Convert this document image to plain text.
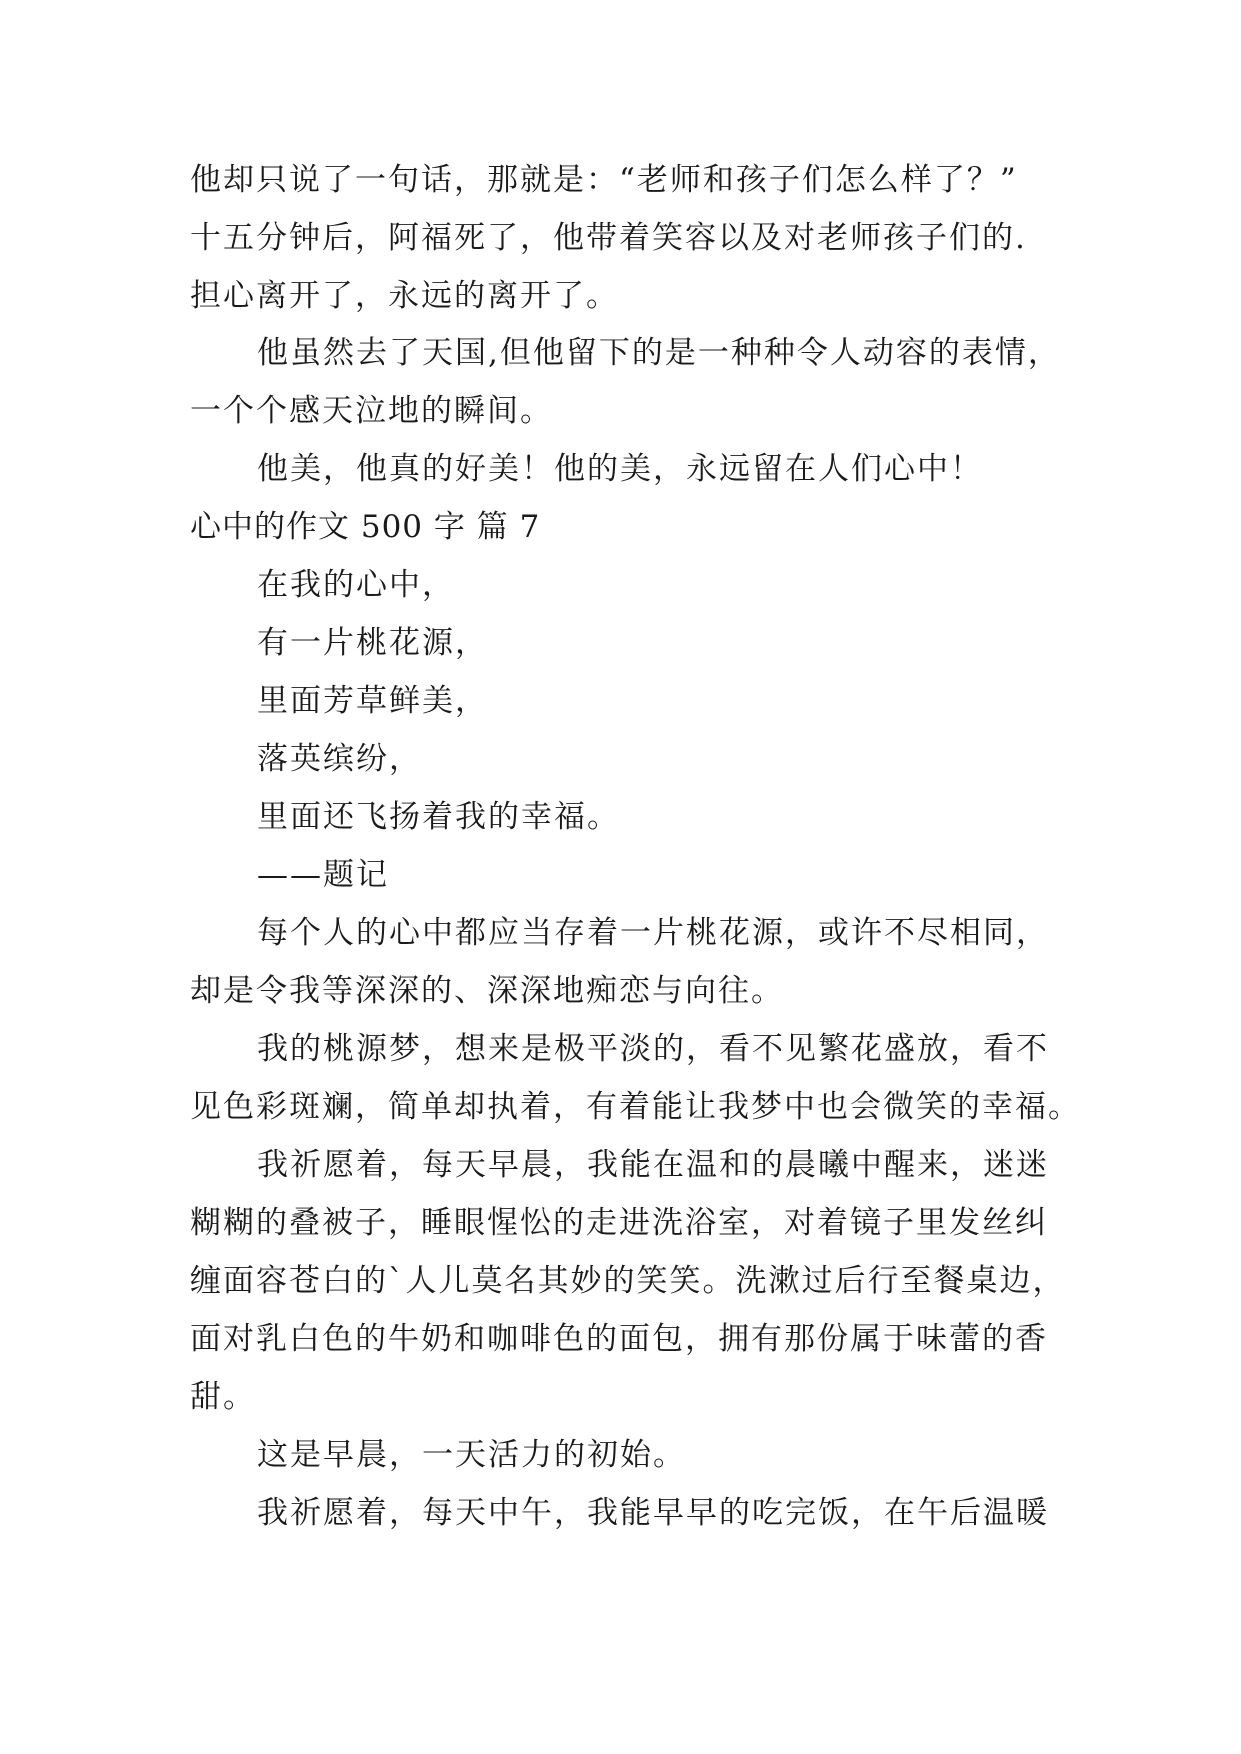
他却只说了一句话，那就是：“老师和孩子们怎么样了？”
十五分钟后，阿福死了，他带着笑容以及对老师孩子们的.
担心离开了，永远的离开了。
他虽然去了天国,但他留下的是一种种令人动容的表情，
一个个感天泣地的瞬间。
他美，他真的好美！他的美，永远留在人们心中！
心中的作文 500 字 篇 7
在我的心中，
有一片桃花源，
里面芳草鲜美，
落英缤纷，
里面还飞扬着我的幸福。
——题记
每个人的心中都应当存着一片桃花源，或许不尽相同，
却是令我等深深的、深深地痴恋与向往。
我的桃源梦，想来是极平淡的，看不见繁花盛放，看不
见色彩斑斓，简单却执着，有着能让我梦中也会微笑的幸福。
我祈愿着，每天早晨，我能在温和的晨曦中醒来，迷迷
糊糊的叠被子，睡眼惺忪的走进洗浴室，对着镜子里发丝纠
缠面容苍白的`人儿莫名其妙的笑笑。洗漱过后行至餐桌边，
面对乳白色的牛奶和咖啡色的面包，拥有那份属于味蕾的香
甜。
这是早晨，一天活力的初始。
我祈愿着，每天中午，我能早早的吃完饭，在午后温暖
